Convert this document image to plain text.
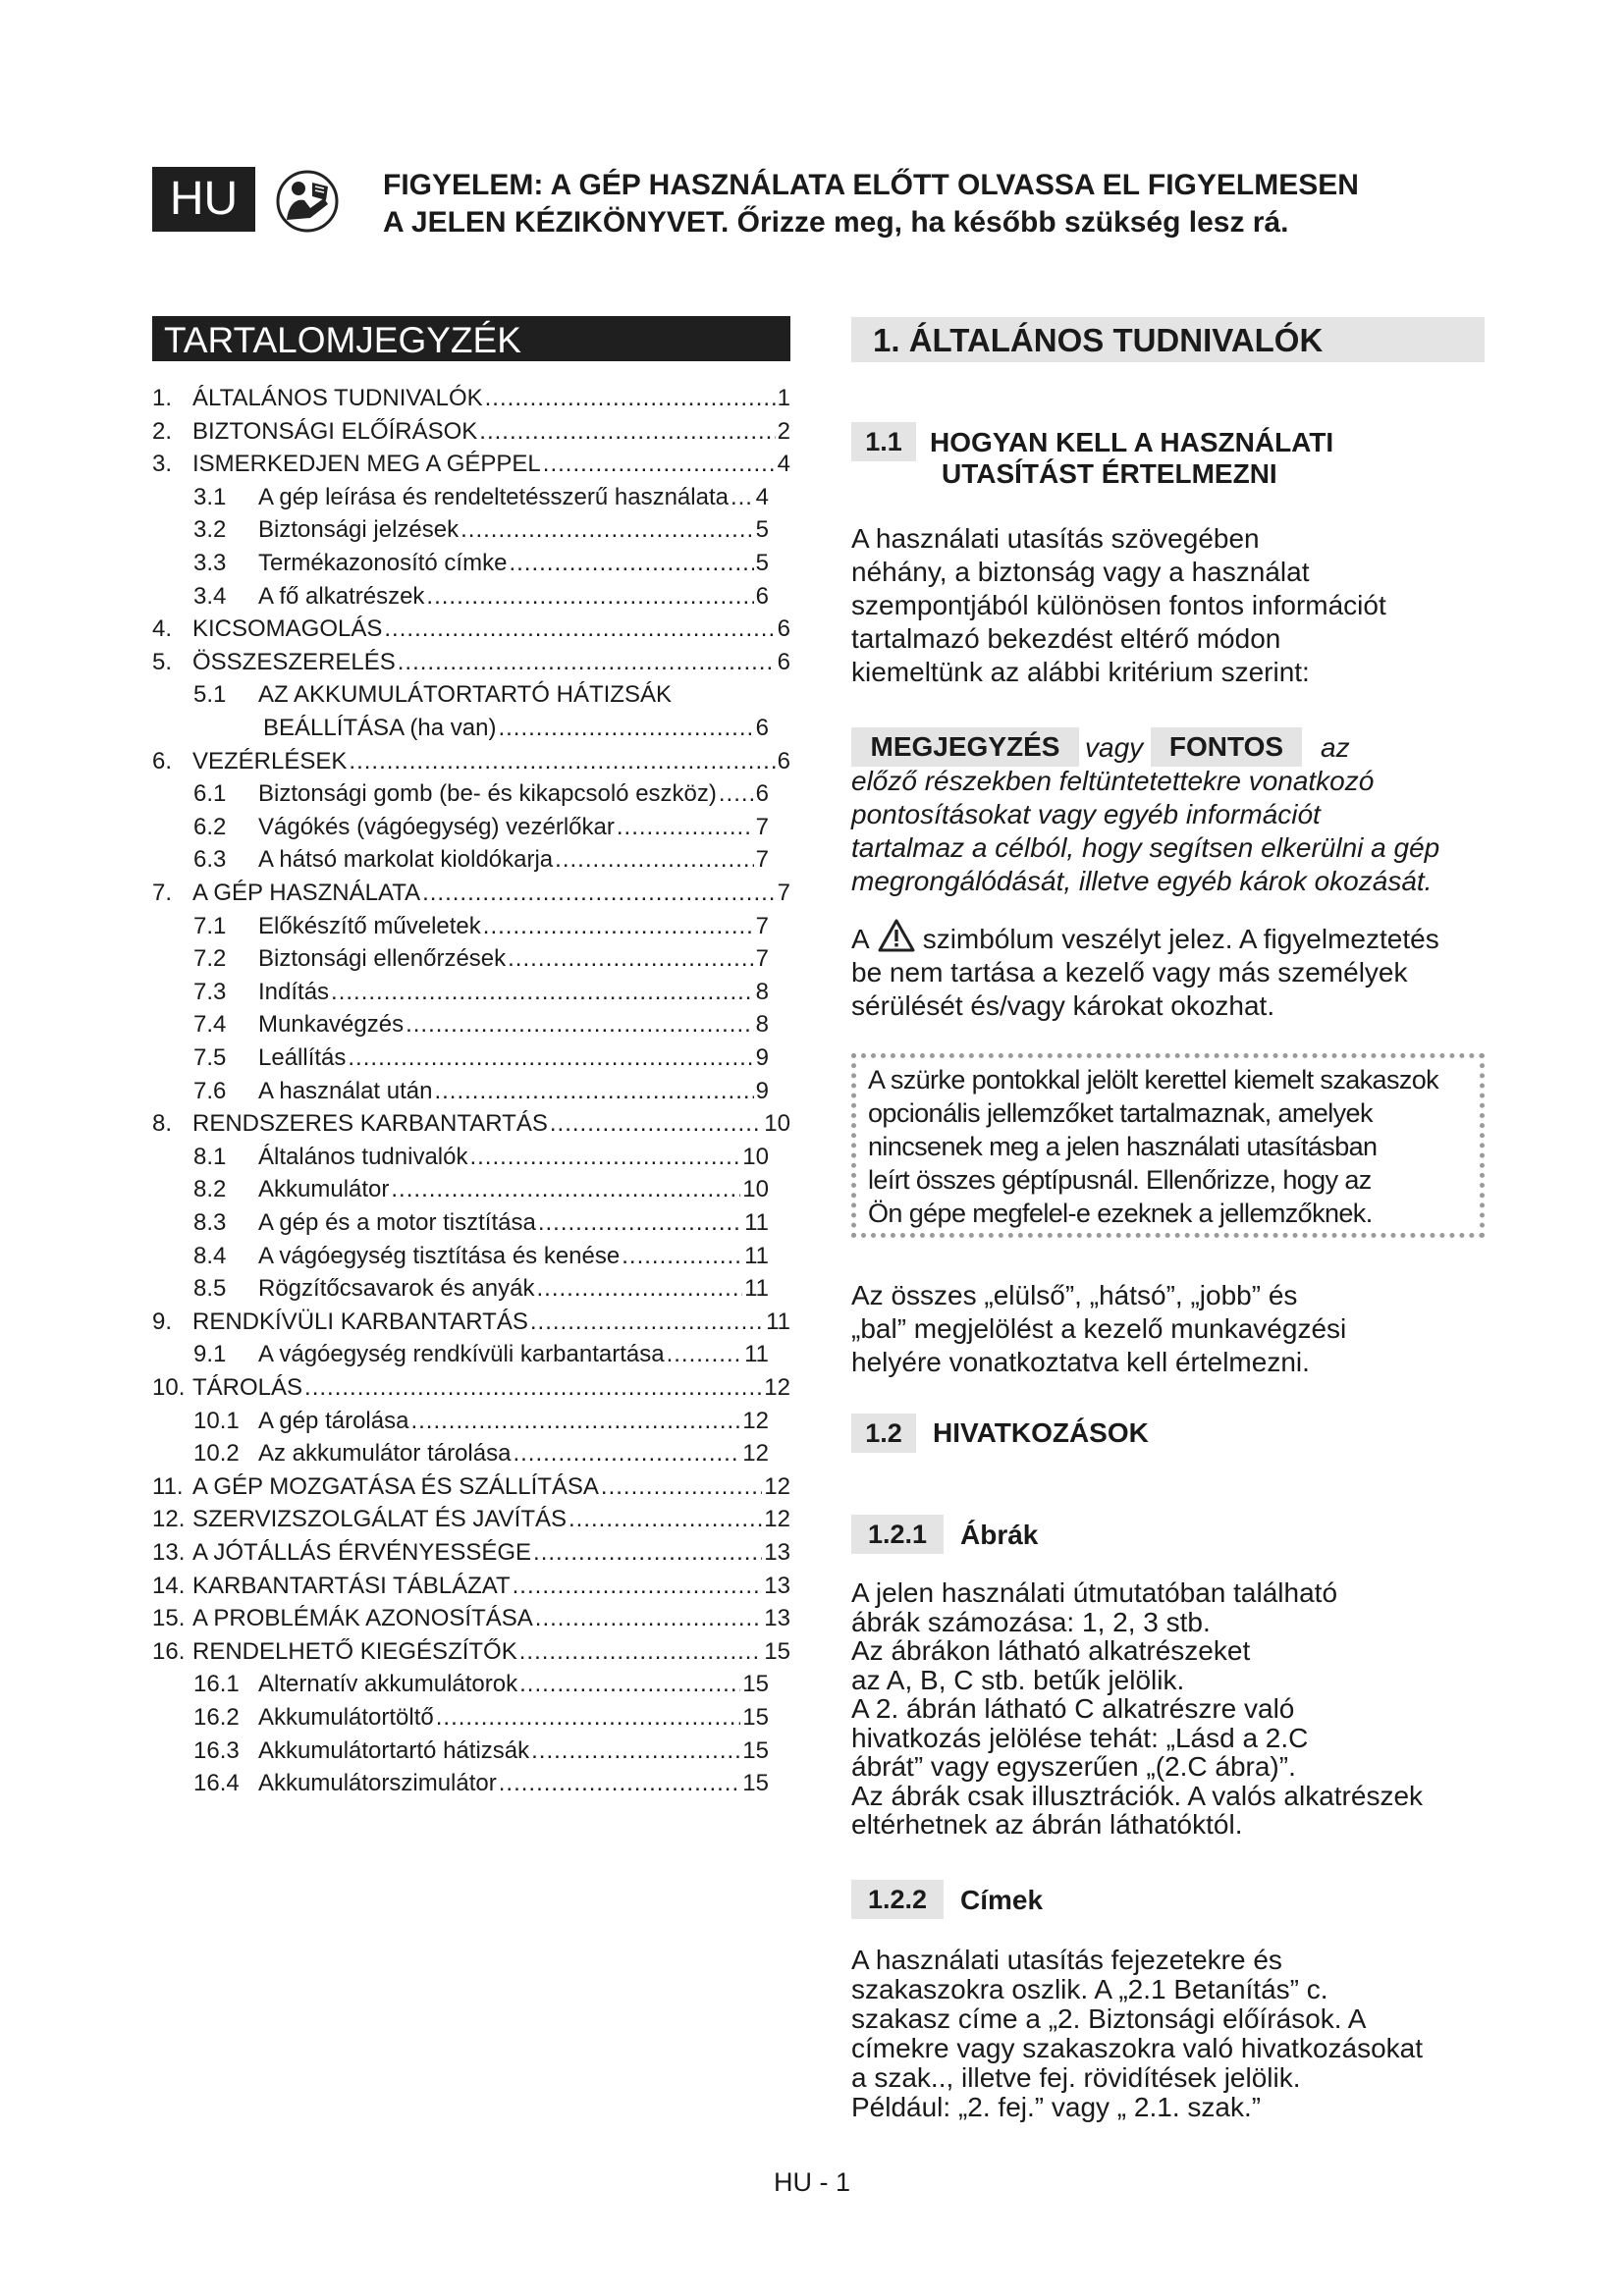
HU	FIGYELEM: A GÉP HASZNÁLATA ELŐTT OLVASSA EL FIGYELMESEN
A JELEN KÉZIKÖNYVET. Őrizze meg, ha később szükség lesz rá.
TARTALOMJEGYZÉK
1. ÁLTALÁNOS TUDNIVALÓK .....	1
2. BIZTONSÁGI ELŐÍRÁSOK .....	2
3. ISMERKEDJEN MEG A GÉPPEL .....	4
3.1	A gép leírása és rendeltetésszerű használata ..... 4
3.2	Biztonsági jelzések .....	5
3.3	Termékazonosító címke .....	5
3.4	A fő alkatrészek .....	6
4. KICSOMAGOLÁS .....	6
5. ÖSSZESZERELÉS .....	6
5.1	AZ AKKUMULÁTORTARTÓ HÁTIZSÁK
BEÁLLÍTÁSA (ha van) .....	6
6. VEZÉRLÉSEK .....	6
6.1	Biztonsági gomb (be- és kikapcsoló eszköz) ..... 6
6.2	Vágókés (vágóegység) vezérlőkar .....	7
6.3	A hátsó markolat kioldókarja .....	7
7. A GÉP HASZNÁLATA .....	7
7.1	Előkészítő műveletek .....	7
7.2	Biztonsági ellenőrzések .....	7
7.3	Indítás .....	8
7.4	Munkavégzés .....	8
7.5	Leállítás .....	9
7.6	A használat után .....	9
8. RENDSZERES KARBANTARTÁS .....	10
8.1	Általános tudnivalók .....	10
8.2	Akkumulátor .....	10
8.3	A gép és a motor tisztítása .....	11
8.4	A vágóegység tisztítása és kenése .....	11
8.5	Rögzítőcsavarok és anyák .....	11
9. RENDKÍVÜLI KARBANTARTÁS .....	11
9.1	A vágóegység rendkívüli karbantartása .....	11
10. TÁROLÁS .....	12
10.1 A gép tárolása .....	12
10.2 Az akkumulátor tárolása .....	12
11. A GÉP MOZGATÁSA ÉS SZÁLLÍTÁSA .....	12
12. SZERVIZSZOLGÁLAT ÉS JAVÍTÁS .....	12
13. A JÓTÁLLÁS ÉRVÉNYESSÉGE .....	13
14. KARBANTARTÁSI TÁBLÁZAT .....	13
15. A PROBLÉMÁK AZONOSÍTÁSA .....	13
16. RENDELHETŐ KIEGÉSZÍTŐK .....	15
16.1 Alternatív akkumulátorok .....	15
16.2 Akkumulátortöltő .....	15
16.3 Akkumulátortartó hátizsák .....	15
16.4 Akkumulátorszimulátor .....	15
1. ÁLTALÁNOS TUDNIVALÓK
1.1	HOGYAN KELL A HASZNÁLATI
UTASÍTÁST ÉRTELMEZNI
A használati utasítás szövegében
néhány, a biztonság vagy a használat
szempontjából különösen fontos információt
tartalmazó bekezdést eltérő módon
kiemeltünk az alábbi kritérium szerint:
MEGJEGYZÉS vagy FONTOS	az
előző részekben feltüntetettekre vonatkozó
pontosításokat vagy egyéb információt
tartalmaz a célból, hogy segítsen elkerülni a gép
megrongálódását, illetve egyéb károk okozását.
A szimbólum veszélyt jelez. A figyelmeztetés
be nem tartása a kezelő vagy más személyek
sérülését és/vagy károkat okozhat.
A szürke pontokkal jelölt kerettel kiemelt szakaszok
opcionális jellemzőket tartalmaznak, amelyek
nincsenek meg a jelen használati utasításban
leírt összes géptípusnál. Ellenőrizze, hogy az
Ön gépe megfelel-e ezeknek a jellemzőknek.
Az összes „elülső”, „hátsó”, „jobb” és
„bal” megjelölést a kezelő munkavégzési
helyére vonatkoztatva kell értelmezni.
1.2	HIVATKOZÁSOK
1.2.1	Ábrák
A jelen használati útmutatóban található
ábrák számozása: 1, 2, 3 stb.
Az ábrákon látható alkatrészeket
az A, B, C stb. betűk jelölik.
A 2. ábrán látható C alkatrészre való
hivatkozás jelölése tehát: „Lásd a 2.C
ábrát” vagy egyszerűen „(2.C ábra)”.
Az ábrák csak illusztrációk. A valós alkatrészek
eltérhetnek az ábrán láthatóktól.
1.2.2	Címek
A használati utasítás fejezetekre és
szakaszokra oszlik. A „2.1 Betanítás” c.
szakasz címe a „2. Biztonsági előírások. A
címekre vagy szakaszokra való hivatkozásokat
a szak.., illetve fej. rövidítések jelölik.
Például: „2. fej.” vagy „ 2.1. szak.”
HU - 1
